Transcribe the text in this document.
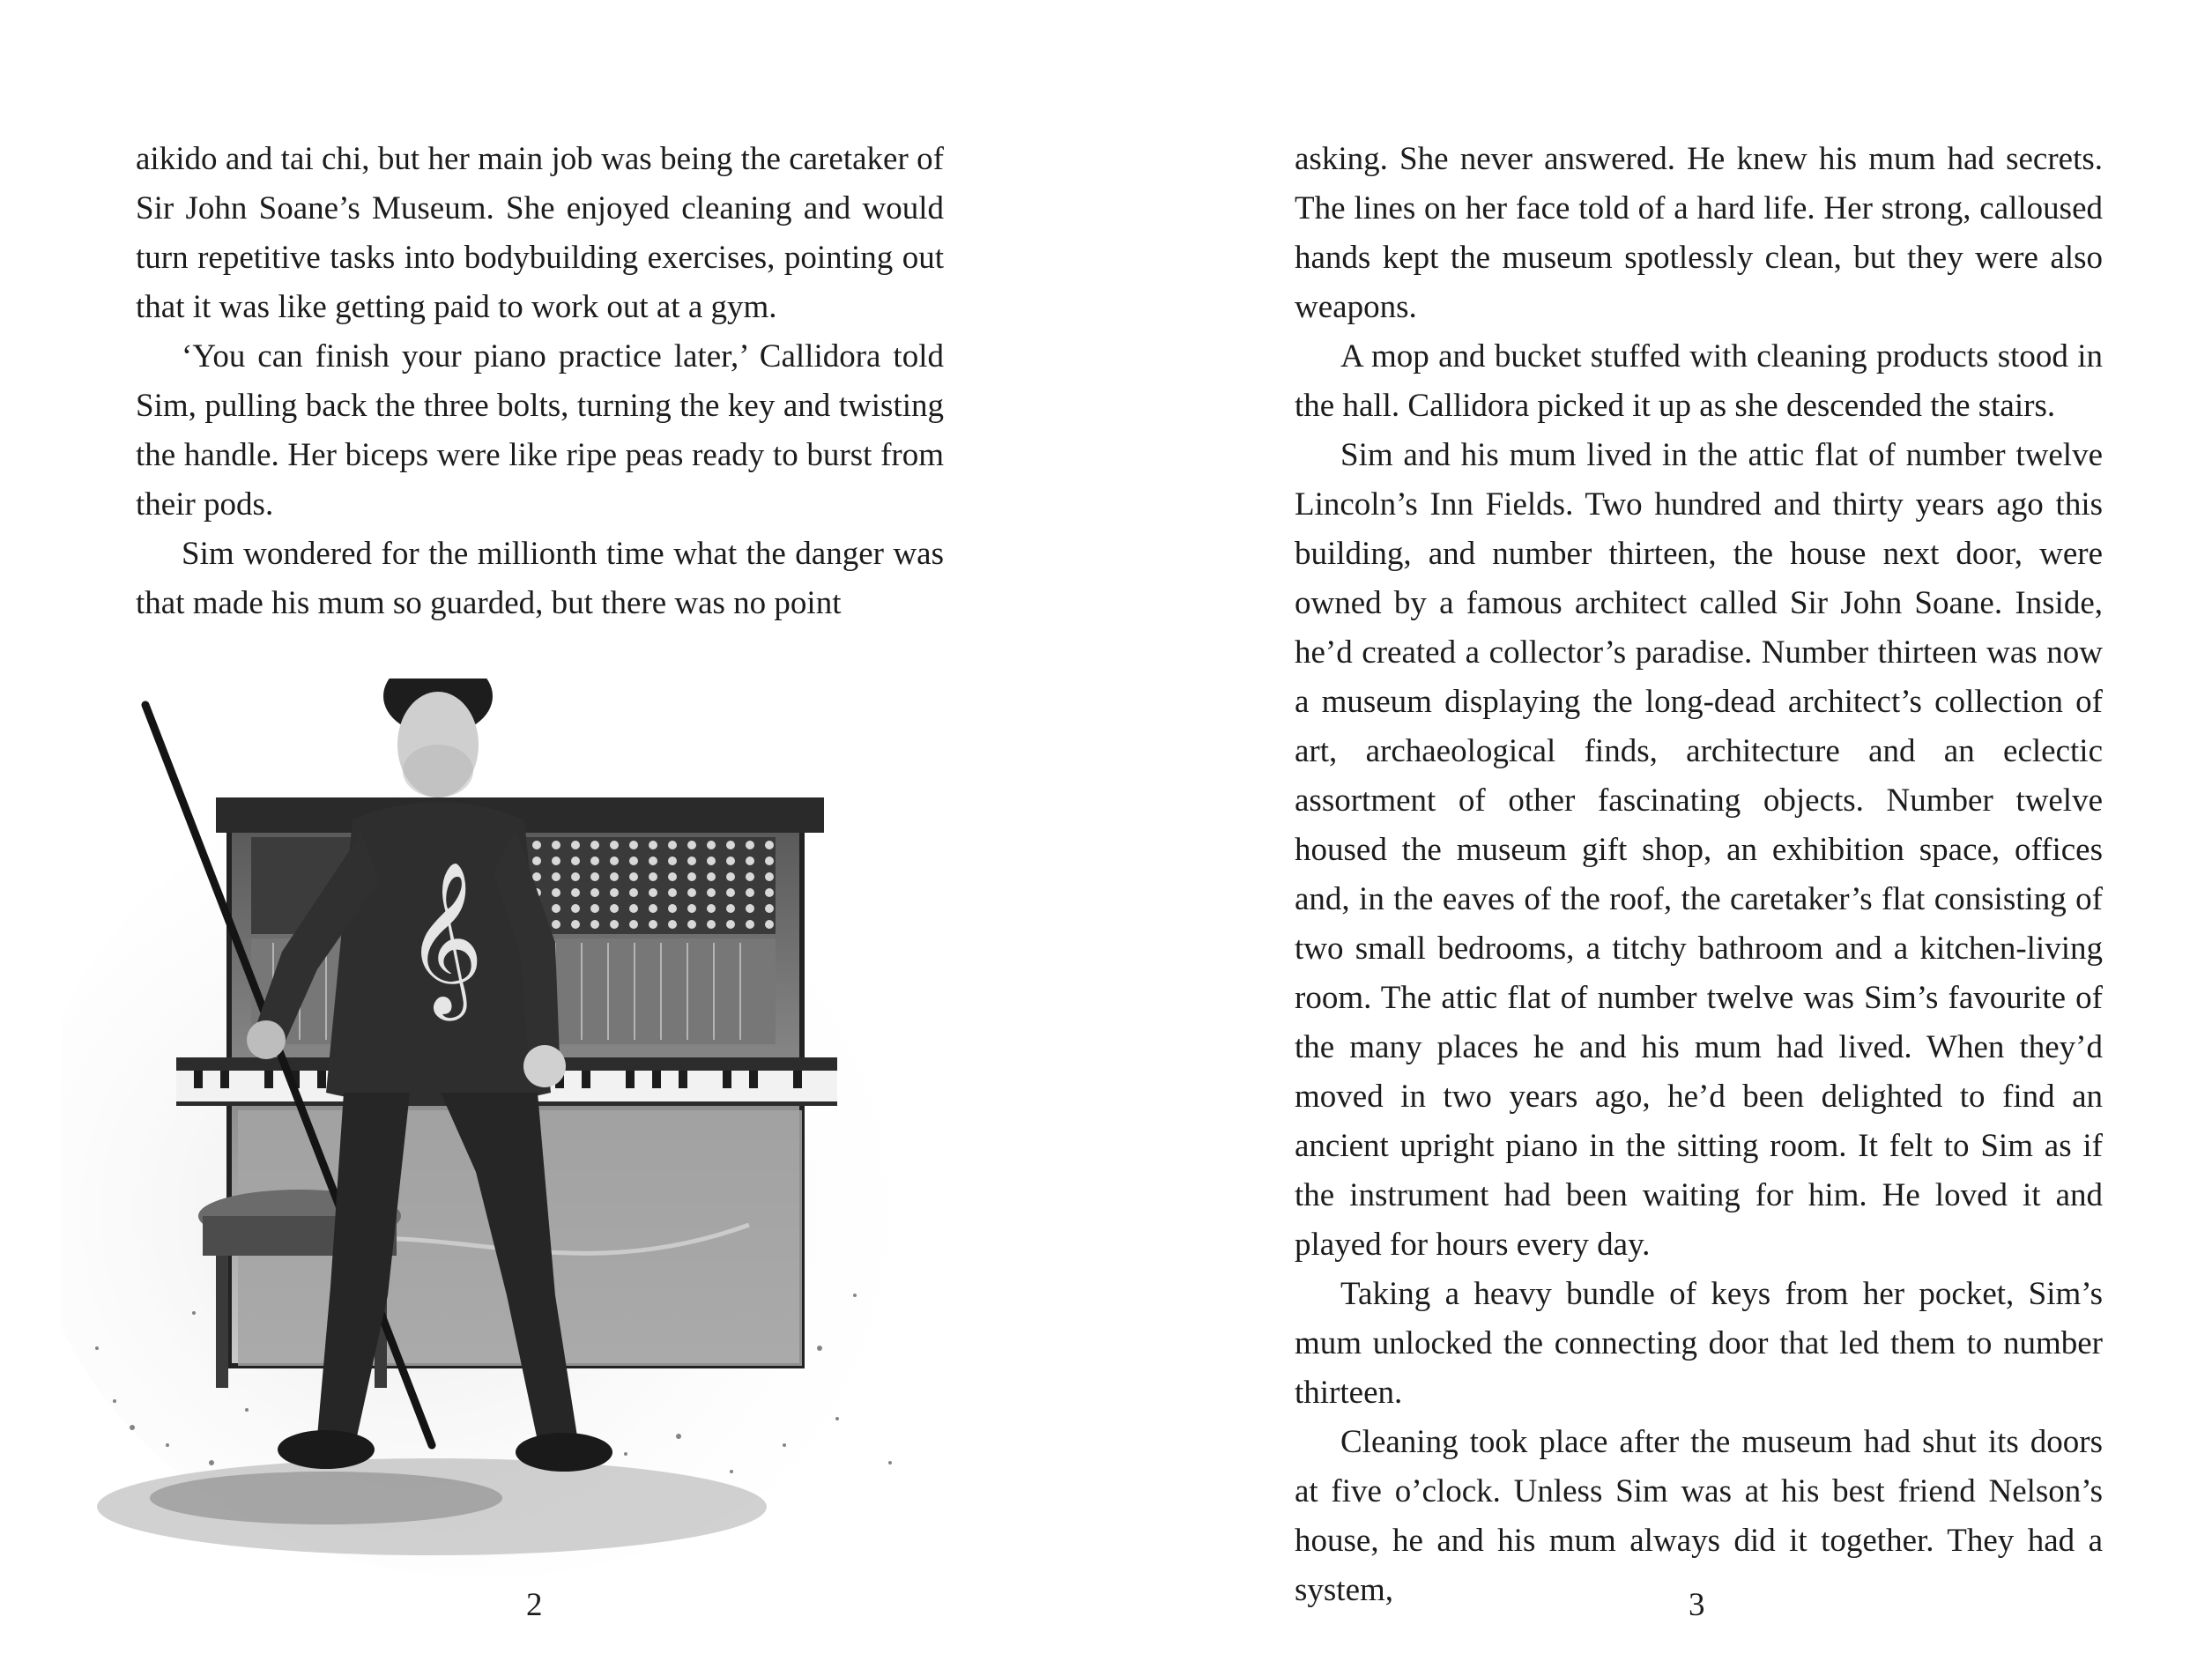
aikido and tai chi, but her main job was being the caretaker of Sir John Soane’s Museum. She enjoyed cleaning and would turn repetitive tasks into bodybuilding exercises, pointing out that it was like getting paid to work out at a gym.

‘You can finish your piano practice later,’ Callidora told Sim, pulling back the three bolts, turning the key and twisting the handle. Her biceps were like ripe peas ready to burst from their pods.

Sim wondered for the millionth time what the danger was that made his mum so guarded, but there was no point

𝄞
2

asking. She never answered. He knew his mum had secrets. The lines on her face told of a hard life. Her strong, calloused hands kept the museum spotlessly clean, but they were also weapons.

A mop and bucket stuffed with cleaning products stood in the hall. Callidora picked it up as she descended the stairs.

Sim and his mum lived in the attic flat of number twelve Lincoln’s Inn Fields. Two hundred and thirty years ago this building, and number thirteen, the house next door, were owned by a famous architect called Sir John Soane. Inside, he’d created a collector’s paradise. Number thirteen was now a museum displaying the long-dead architect’s collection of art, archaeological finds, architecture and an eclectic assortment of other fascinating objects. Number twelve housed the museum gift shop, an exhibition space, offices and, in the eaves of the roof, the caretaker’s flat consisting of two small bedrooms, a titchy bathroom and a kitchen-living room. The attic flat of number twelve was Sim’s favourite of the many places he and his mum had lived. When they’d moved in two years ago, he’d been delighted to find an ancient upright piano in the sitting room. It felt to Sim as if the instrument had been waiting for him. He loved it and played for hours every day.

Taking a heavy bundle of keys from her pocket, Sim’s mum unlocked the connecting door that led them to number thirteen.

Cleaning took place after the museum had shut its doors at five o’clock. Unless Sim was at his best friend Nelson’s house, he and his mum always did it together. They had a system,	3
